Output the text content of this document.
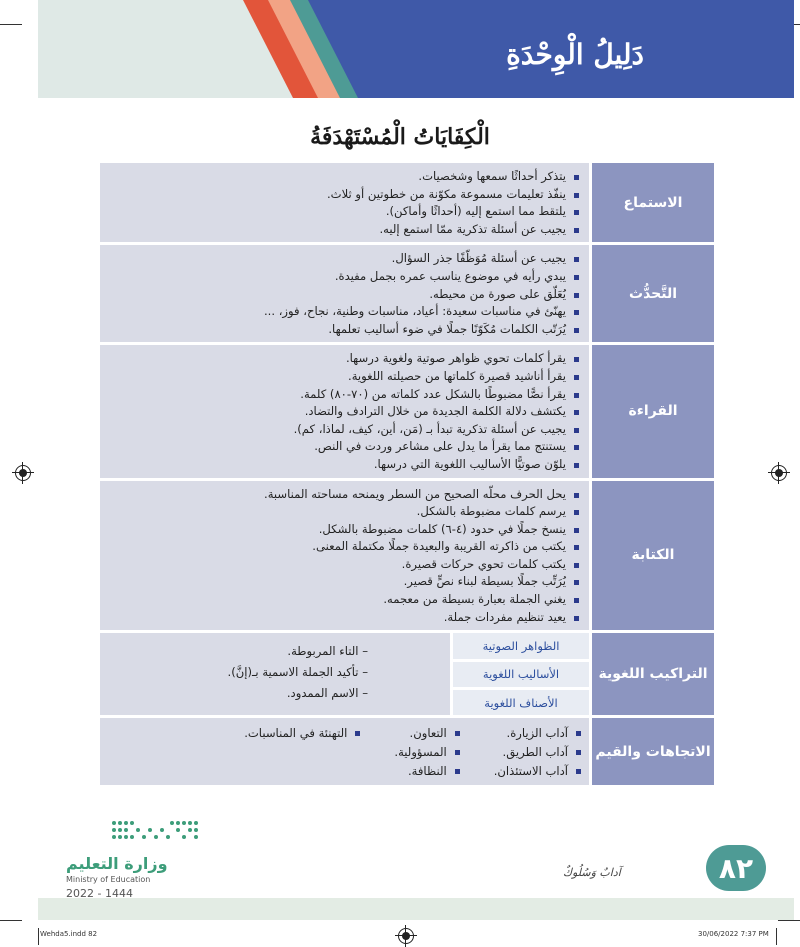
دَلِيلُ الْوِحْدَةِ
الْكِفَايَاتُ الْمُسْتَهْدَفَةُ
الاستماع
يتذكر أحداثًا سمعها وشخصيات.
ينفّذ تعليمات مسموعة مكوّنة من خطوتين أو ثلاث.
يلتقط مما استمع إليه (أحداثًا وأماكن).
يجيب عن أسئلة تذكرية ممّا استمع إليه.
التَّحدُّث
يجيب عن أسئلة مُوَظّفًا جذر السؤال.
يبدي رأيه في موضوع يناسب عمره بجمل مفيدة.
يُعَلّق على صورة من محيطه.
يهنّئ في مناسبات سعيدة: أعياد، مناسبات وطنية، نجاح، فوز، ...
يُرَتّب الكلمات مُكَوّنًا جملًا في ضوء أساليب تعلمها.
القراءة
يقرأ كلمات تحوي ظواهر صوتية ولغوية درسها.
يقرأ أناشيد قصيرة كلماتها من حصيلته اللغوية.
يقرأ نصًّا مضبوطًا بالشكل عدد كلماته من (٧٠-٨٠) كلمة.
يكتشف دلالة الكلمة الجديدة من خلال الترادف والتضاد.
يجيب عن أسئلة تذكرية تبدأ بـ (مَن، أين، كيف، لماذا، كم).
يستنتج مما يقرأ ما يدل على مشاعر وردت في النص.
يلوّن صوتيًّا الأساليب اللغوية التي درسها.
الكتابة
يحل الحرف محلّه الصحيح من السطر ويمنحه مساحته المناسبة.
يرسم كلمات مضبوطة بالشكل.
ينسخ جملًا في حدود (٤-٦) كلمات مضبوطة بالشكل.
يكتب من ذاكرته القريبة والبعيدة جملًا مكتملة المعنى.
يكتب كلمات تحوي حركات قصيرة.
يُرَتِّب جملًا بسيطة لبناء نصٍّ قصير.
يغني الجملة بعبارة بسيطة من معجمه.
يعيد تنظيم مفردات جملة.
التراكيب اللغوية
الظواهر الصوتية
الأساليب اللغوية
الأصناف اللغوية
– التاء المربوطة.
– تأكيد الجملة الاسمية بـ(إنَّ).
– الاسم الممدود.
الاتجاهات والقيم
آداب الزيارة.
آداب الطريق.
آداب الاستئذان.
التعاون.
المسؤولية.
النظافة.
التهنئة في المناسبات.
وزارة التعليم
Ministry of Education
2022 - 1444
آدابٌ وَسُلُوكٌ	٨٢
Wehda5.indd 82	30/06/2022 7:37 PM
